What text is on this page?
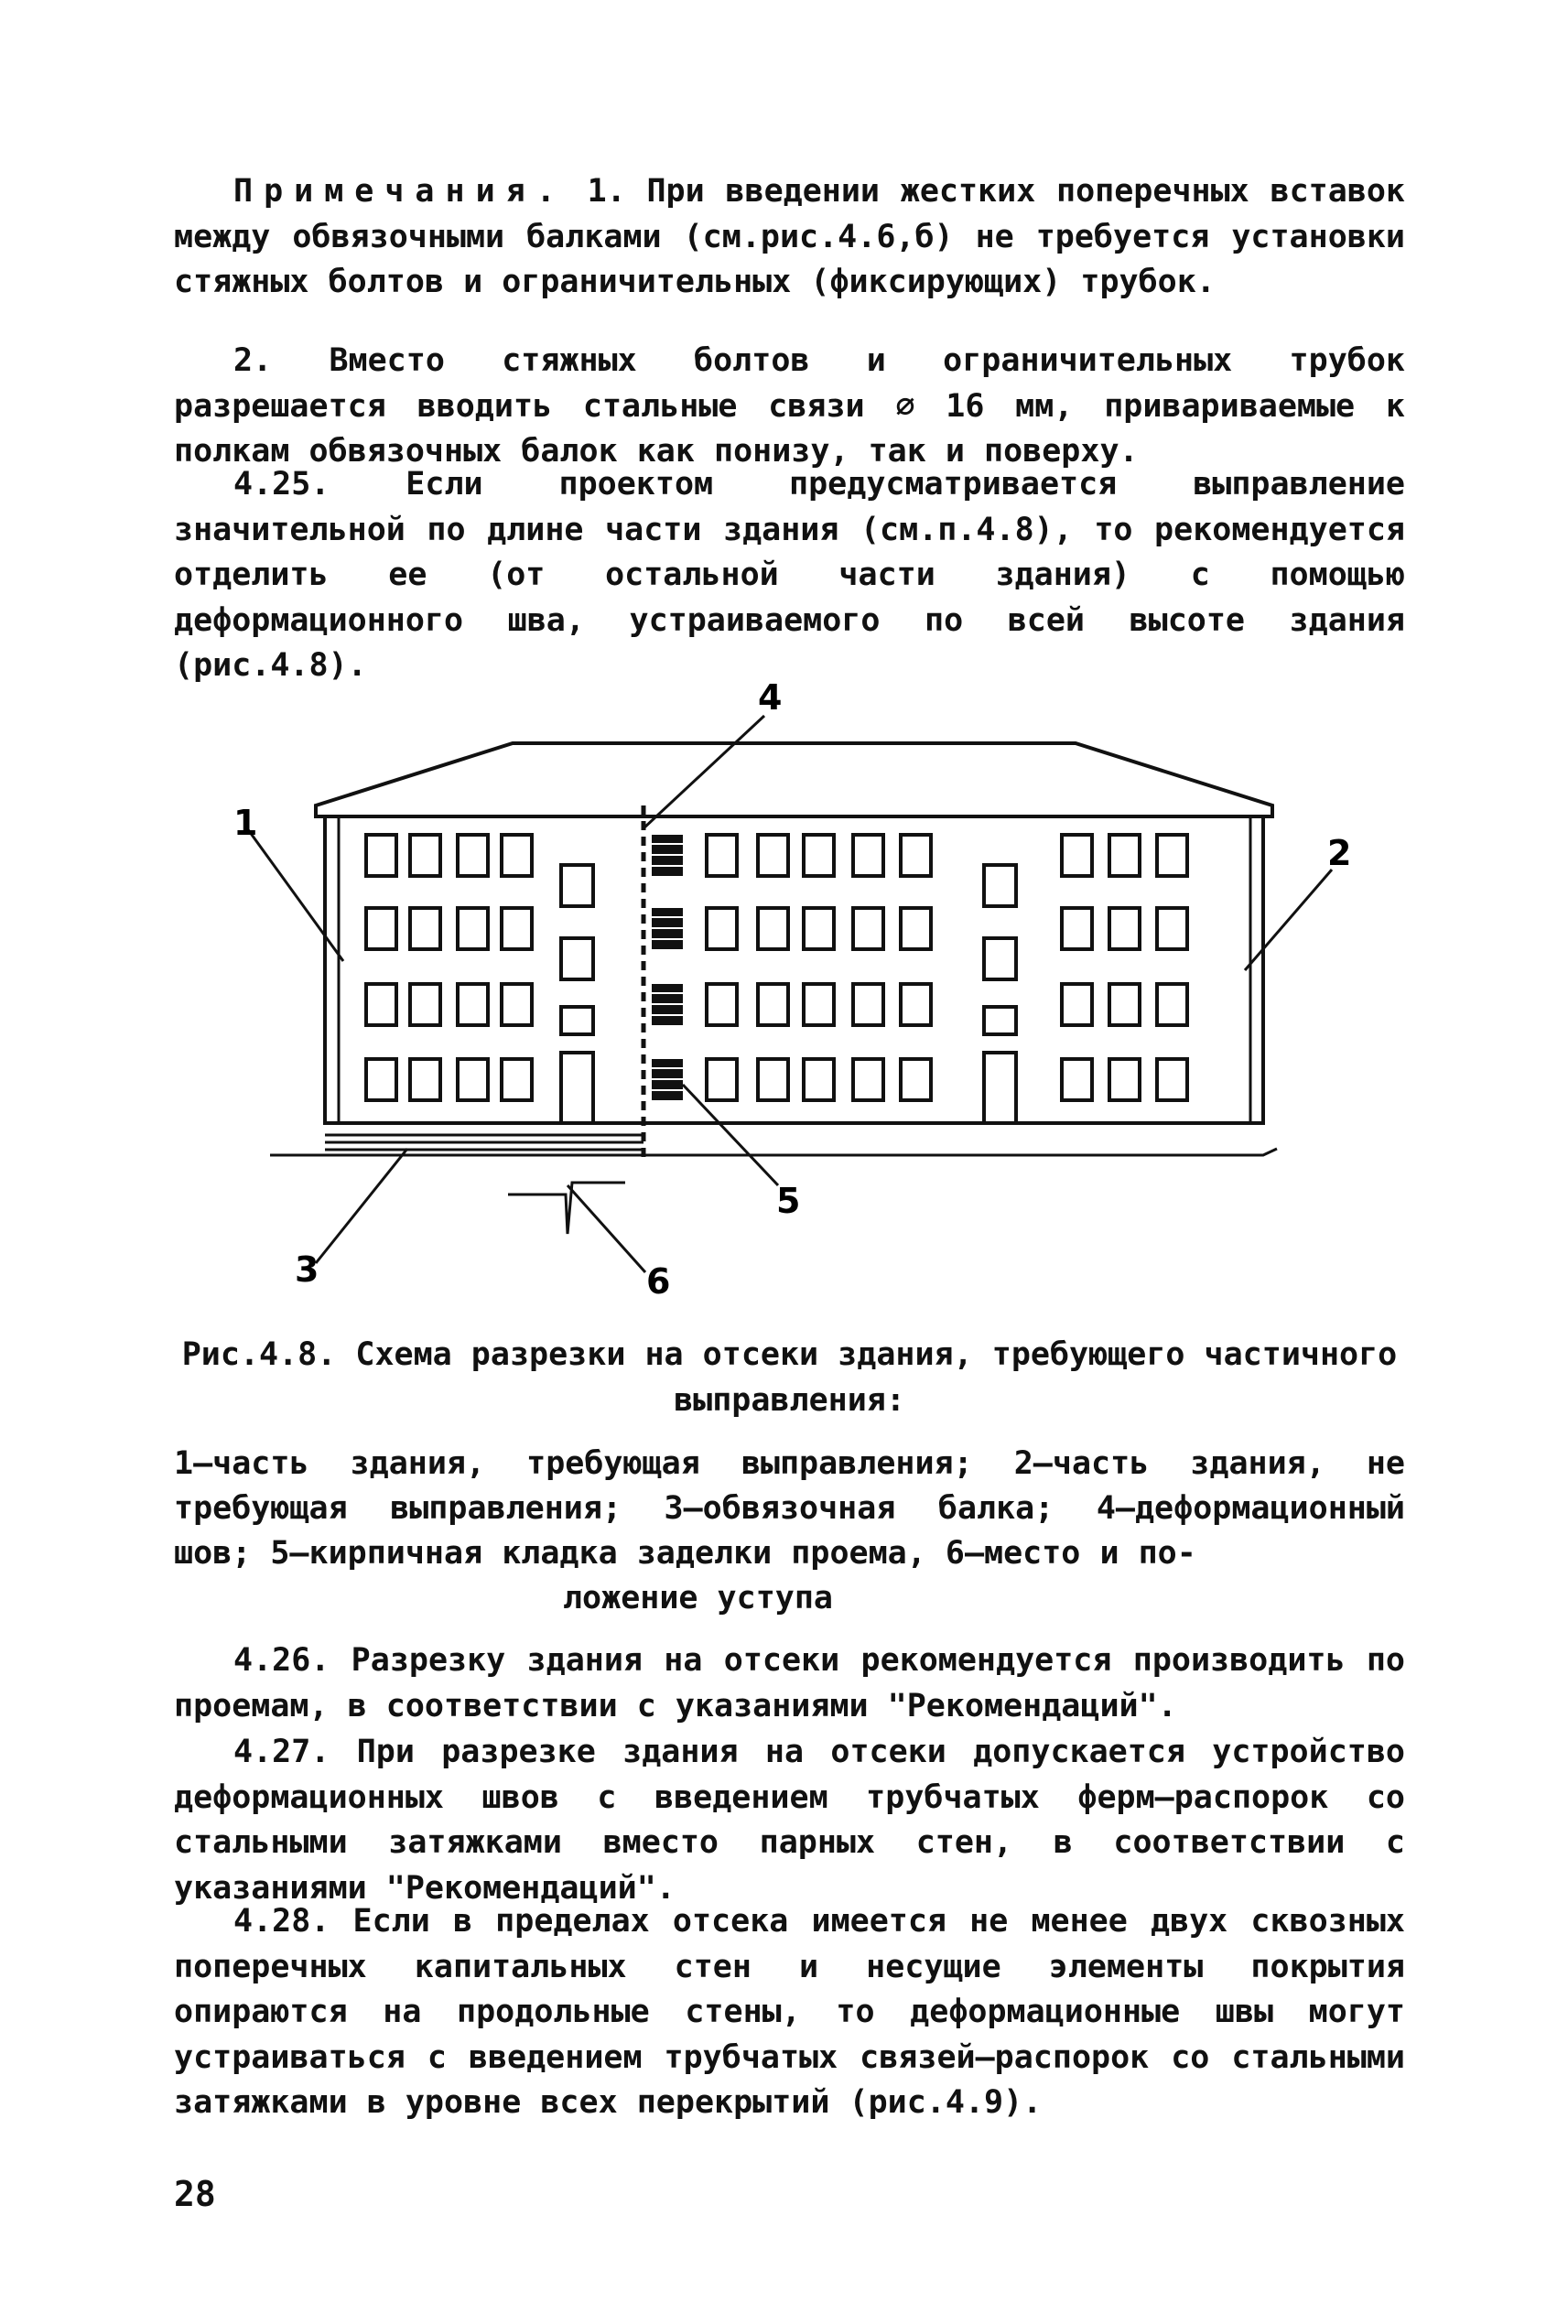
Примечания. 1. При введении жестких поперечных вставок между обвязочными балками (см.рис.4.6,б) не требуется установки стяжных болтов и ограничительных (фиксирующих) трубок.

2. Вместо стяжных болтов и ограничительных трубок разрешается вводить стальные связи ∅ 16 мм, привариваемые к полкам обвязочных балок как понизу, так и поверху.

4.25. Если проектом предусматривается выправление значительной по длине части здания (см.п.4.8), то рекомендуется отделить ее (от остальной части здания) с помощью деформационного шва, устраиваемого по всей высоте здания (рис.4.8).

1
2
3
4
5
6

Рис.4.8. Схема разрезки на отсеки здания, требующего частичного выправления:

1–часть здания, требующая выправления; 2–часть здания, не требующая выправления; 3–обвязочная балка; 4–деформационный шов; 5–кирпичная кладка заделки проема, 6–место и по-
ложение уступа

4.26. Разрезку здания на отсеки рекомендуется производить по проемам, в соответствии с указаниями "Рекомендаций".

4.27. При разрезке здания на отсеки допускается устройство деформационных швов с введением трубчатых ферм–распорок со стальными затяжками вместо парных стен, в соответствии с указаниями "Рекомендаций".

4.28. Если в пределах отсека имеется не менее двух сквозных поперечных капитальных стен и несущие элементы покрытия опираются на продольные стены, то деформационные швы могут устраиваться с введением трубчатых связей–распорок со стальными затяжками в уровне всех перекрытий (рис.4.9).

28
